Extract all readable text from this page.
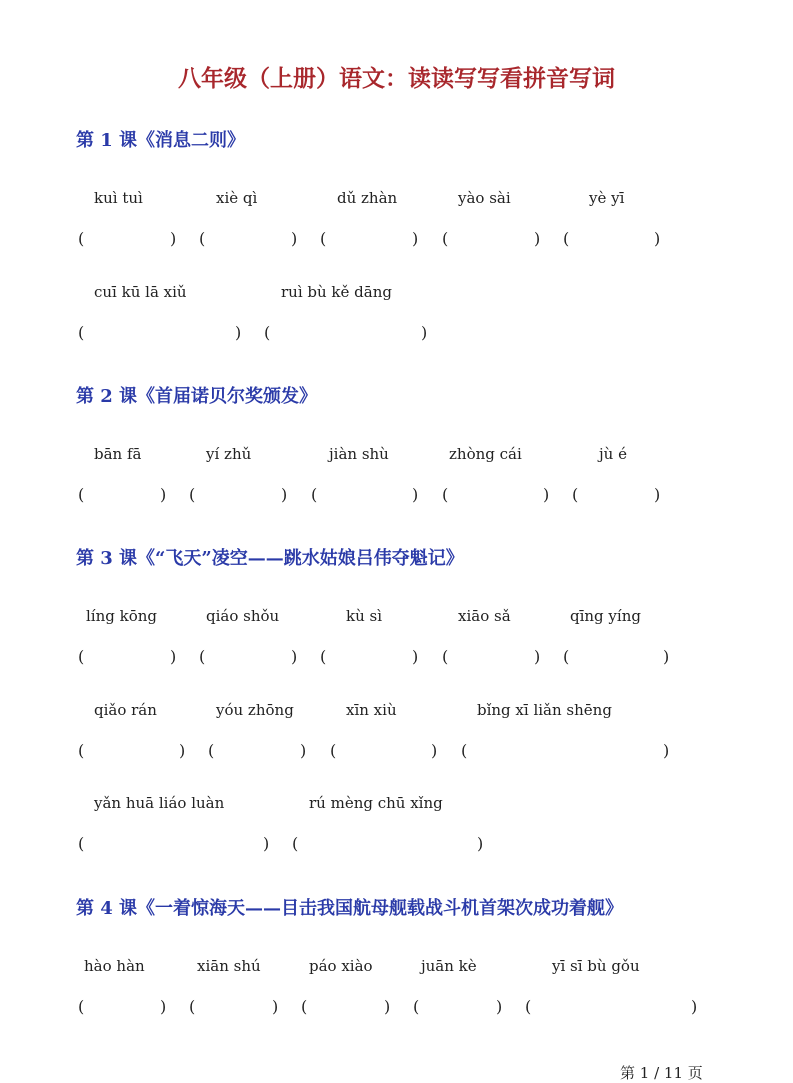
八年级（上册）语文：读读写写看拼音写词
第 1 课《消息二则》
kuì tuì	xiè qì	dǔ zhàn	yào sài	yè yī
(	) (	) (	) (	) (	)
cuī kū lā xiǔ	ruì bù kě dāng
(	) (	)
第 2 课《首届诺贝尔奖颁发》
bān fā	yí zhǔ	jiàn shù	zhòng cái	jù é
(	) (	) (	) (	) (	)
第 3 课《“飞天”凌空——跳水姑娘吕伟夺魁记》
líng kōng	qiáo shǒu	kù sì	xiāo sǎ	qīng yíng
(	) (	) (	) (	) (	)
qiǎo rán	yóu zhōng	xīn xiù	bǐng xī liǎn shēng
(	) (	) (	) (	)
yǎn huā liáo luàn	rú mèng chū xǐng
(	) (	)
第 4 课《一着惊海天——目击我国航母舰载战斗机首架次成功着舰》
hào hàn	xiān shú	páo xiào	juān kè	yī sī bù gǒu
(	) (	) (	) (	) (	)
第 1 / 11 页
